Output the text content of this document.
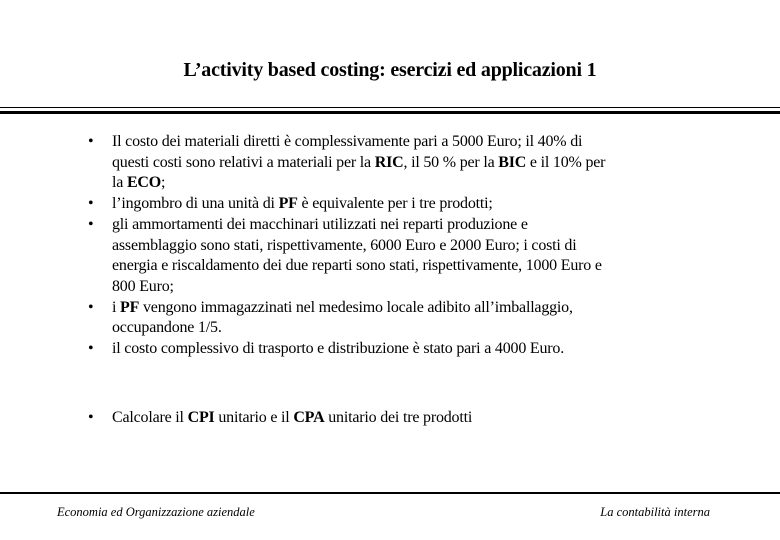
L’activity based costing: esercizi ed applicazioni 1
•	Il costo dei materiali diretti è complessivamente pari a 5000 Euro; il 40% di
questi costi sono relativi a materiali per la RIC, il 50 % per la BIC e il 10% per
la ECO;
•	l’ingombro di una unità di PF è equivalente per i tre prodotti;
•	gli ammortamenti dei macchinari utilizzati nei reparti produzione e
assemblaggio sono stati, rispettivamente, 6000 Euro e 2000 Euro; i costi di
energia e riscaldamento dei due reparti sono stati, rispettivamente, 1000 Euro e
800 Euro;
•	i PF vengono immagazzinati nel medesimo locale adibito all’imballaggio,
occupandone 1/5.
•	il costo complessivo di trasporto e distribuzione è stato pari a 4000 Euro.
•	Calcolare il CPI unitario e il CPA unitario dei tre prodotti
Economia ed Organizzazione aziendale	La contabilità interna
